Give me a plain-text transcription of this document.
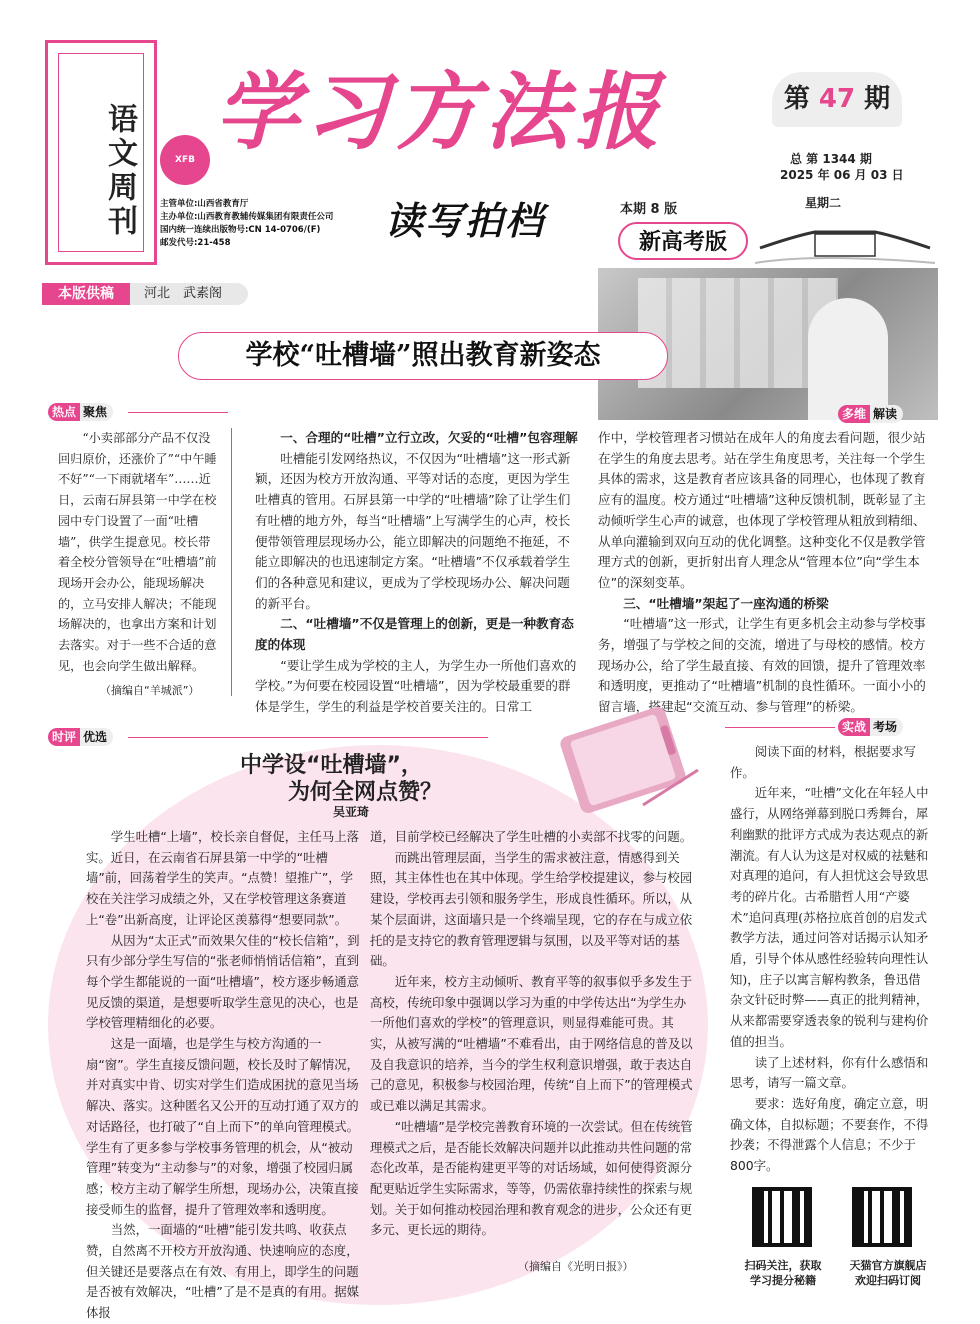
语文周刊	XFB 学习方法报
主管单位:山西省教育厅
主办单位:山西教育教辅传媒集团有限责任公司
国内统一连续出版物号:CN 14-0706/(F)
邮发代号:21-458	读写拍档	本期 8 版
新高考版
第 47 期
总 第 1344 期
2025 年 06 月 03 日
星期二
本版供稿	河北　武素阁
学校“吐槽墙”照出教育新姿态
热点 聚焦	多维 解读
时评 优选
实战 考场

“小卖部部分产品不仅没回归原价，还涨价了”“中午睡不好”“一下雨就堵车”……近日，云南石屏县第一中学在校园中专门设置了一面“吐槽墙”，供学生提意见。校长带着全校分管领导在“吐槽墙”前现场开会办公，能现场解决的，立马安排人解决；不能现场解决的，也拿出方案和计划去落实。对于一些不合适的意见，也会向学生做出解释。

（摘编自“羊城派”）

一、合理的“吐槽”立行立改，欠妥的“吐槽”包容理解

吐槽能引发网络热议，不仅因为“吐槽墙”这一形式新颖，还因为校方开放沟通、平等对话的态度，更因为学生吐槽真的管用。石屏县第一中学的“吐槽墙”除了让学生们有吐槽的地方外，每当“吐槽墙”上写满学生的心声，校长便带领管理层现场办公，能立即解决的问题绝不拖延，不能立即解决的也迅速制定方案。“吐槽墙”不仅承载着学生们的各种意见和建议，更成为了学校现场办公、解决问题的新平台。

二、“吐槽墙”不仅是管理上的创新，更是一种教育态度的体现

“要让学生成为学校的主人，为学生办一所他们喜欢的学校。”为何要在校园设置“吐槽墙”，因为学校最重要的群体是学生，学生的利益是学校首要关注的。日常工

作中，学校管理者习惯站在成年人的角度去看问题，很少站在学生的角度去思考。站在学生角度思考，关注每一个学生具体的需求，这是教育者应该具备的同理心，也体现了教育应有的温度。校方通过“吐槽墙”这种反馈机制，既彰显了主动倾听学生心声的诚意，也体现了学校管理从粗放到精细、从单向灌输到双向互动的优化调整。这种变化不仅是教学管理方式的创新，更折射出育人理念从“管理本位”向“学生本位”的深刻变革。

三、“吐槽墙”架起了一座沟通的桥梁

“吐槽墙”这一形式，让学生有更多机会主动参与学校事务，增强了与学校之间的交流，增进了与母校的感情。校方现场办公，给了学生最直接、有效的回馈，提升了管理效率和透明度，更推动了“吐槽墙”机制的良性循环。一面小小的留言墙，搭建起“交流互动、参与管理”的桥梁。

中学设“吐槽墙”，
为何全网点赞？
吴亚琦

学生吐槽“上墙”，校长亲自督促，主任马上落实。近日，在云南省石屏县第一中学的“吐槽墙”前，回荡着学生的笑声。“点赞！望推广”，学校在关注学习成绩之外，又在学校管理这条赛道上“卷”出新高度，让评论区羡慕得“想要同款”。

从因为“太正式”而效果欠佳的“校长信箱”，到只有少部分学生写信的“张老师悄悄话信箱”，直到每个学生都能说的一面“吐槽墙”，校方逐步畅通意见反馈的渠道，是想要听取学生意见的决心，也是学校管理精细化的必要。

这是一面墙，也是学生与校方沟通的一扇“窗”。学生直接反馈问题，校长及时了解情况，并对真实中肯、切实对学生们造成困扰的意见当场解决、落实。这种匿名又公开的互动打通了双方的对话路径，也打破了“自上而下”的单向管理模式。学生有了更多参与学校事务管理的机会，从“被动管理”转变为“主动参与”的对象，增强了校园归属感；校方主动了解学生所想，现场办公，决策直接接受师生的监督，提升了管理效率和透明度。

当然，一面墙的“吐槽”能引发共鸣、收获点赞，自然离不开校方开放沟通、快速响应的态度，但关键还是要落点在有效、有用上，即学生的问题是否被有效解决，“吐槽”了是不是真的有用。据媒体报

道，目前学校已经解决了学生吐槽的小卖部不找零的问题。

而跳出管理层面，当学生的需求被注意，情感得到关照，其主体性也在其中体现。学生给学校提建议，参与校园建设，学校再去引领和服务学生，形成良性循环。所以，从某个层面讲，这面墙只是一个终端呈现，它的存在与成立依托的是支持它的教育管理逻辑与氛围，以及平等对话的基础。

近年来，校方主动倾听、教育平等的叙事似乎多发生于高校，传统印象中强调以学习为重的中学传达出“为学生办一所他们喜欢的学校”的管理意识，则显得难能可贵。其实，从被写满的“吐槽墙”不难看出，由于网络信息的普及以及自我意识的培养，当今的学生权利意识增强，敢于表达自己的意见，积极参与校园治理，传统“自上而下”的管理模式或已难以满足其需求。

“吐槽墙”是学校完善教育环境的一次尝试。但在传统管理模式之后，是否能长效解决问题并以此推动共性问题的常态化改革，是否能构建更平等的对话场域，如何使得资源分配更贴近学生实际需求，等等，仍需依靠持续性的探索与规划。关于如何推动校园治理和教育观念的进步，公众还有更多元、更长远的期待。

（摘编自《光明日报》）

阅读下面的材料，根据要求写作。

近年来，“吐槽”文化在年轻人中盛行，从网络弹幕到脱口秀舞台，犀利幽默的批评方式成为表达观点的新潮流。有人认为这是对权威的祛魅和对真理的追问，有人担忧这会导致思考的碎片化。古希腊哲人用“产婆术”追问真理(苏格拉底首创的启发式教学方法，通过问答对话揭示认知矛盾，引导个体从感性经验转向理性认知)，庄子以寓言解构教条，鲁迅借杂文针砭时弊——真正的批判精神，从来都需要穿透表象的锐利与建构价值的担当。

读了上述材料，你有什么感悟和思考，请写一篇文章。

要求：选好角度，确定立意，明确文体，自拟标题；不要套作，不得抄袭；不得泄露个人信息；不少于800字。

扫码关注，获取
学习提分秘籍
天猫官方旗舰店
欢迎扫码订阅
